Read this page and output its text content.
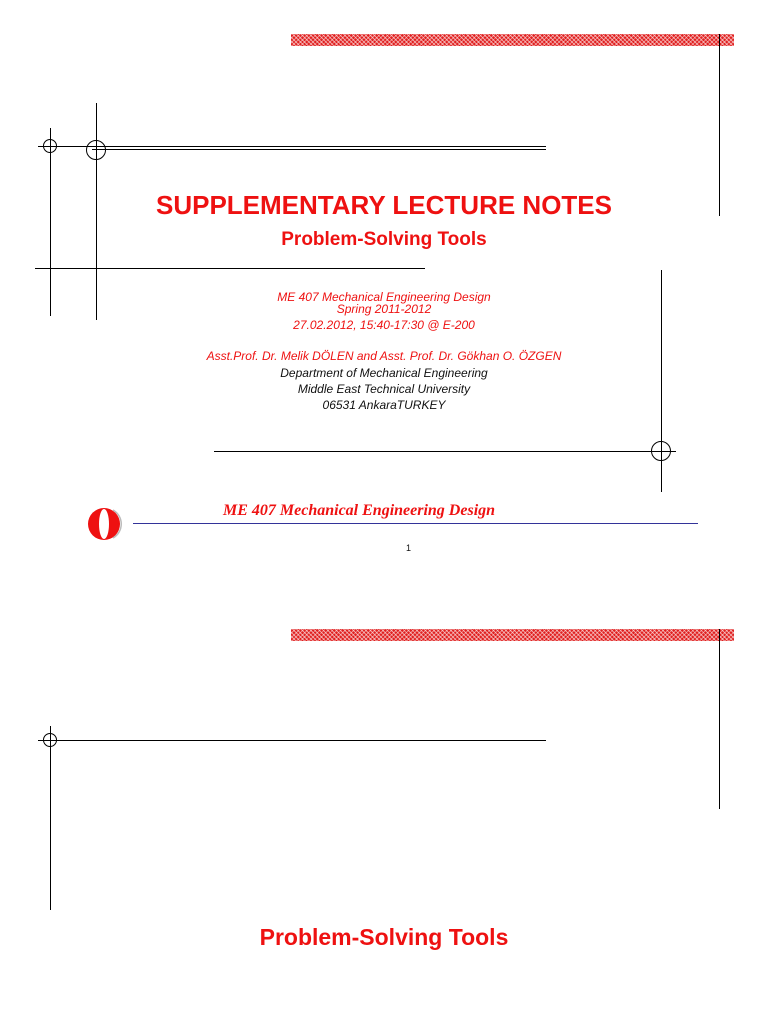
SUPPLEMENTARY LECTURE NOTES
Problem-Solving Tools
ME 407 Mechanical Engineering Design
Spring 2011-2012
27.02.2012, 15:40-17:30 @ E-200
Asst.Prof. Dr. Melik DÖLEN and Asst. Prof. Dr. Gökhan O. ÖZGEN
Department of Mechanical Engineering
Middle East Technical University
06531 AnkaraTURKEY
ME 407 Mechanical Engineering Design
1
Problem-Solving Tools
